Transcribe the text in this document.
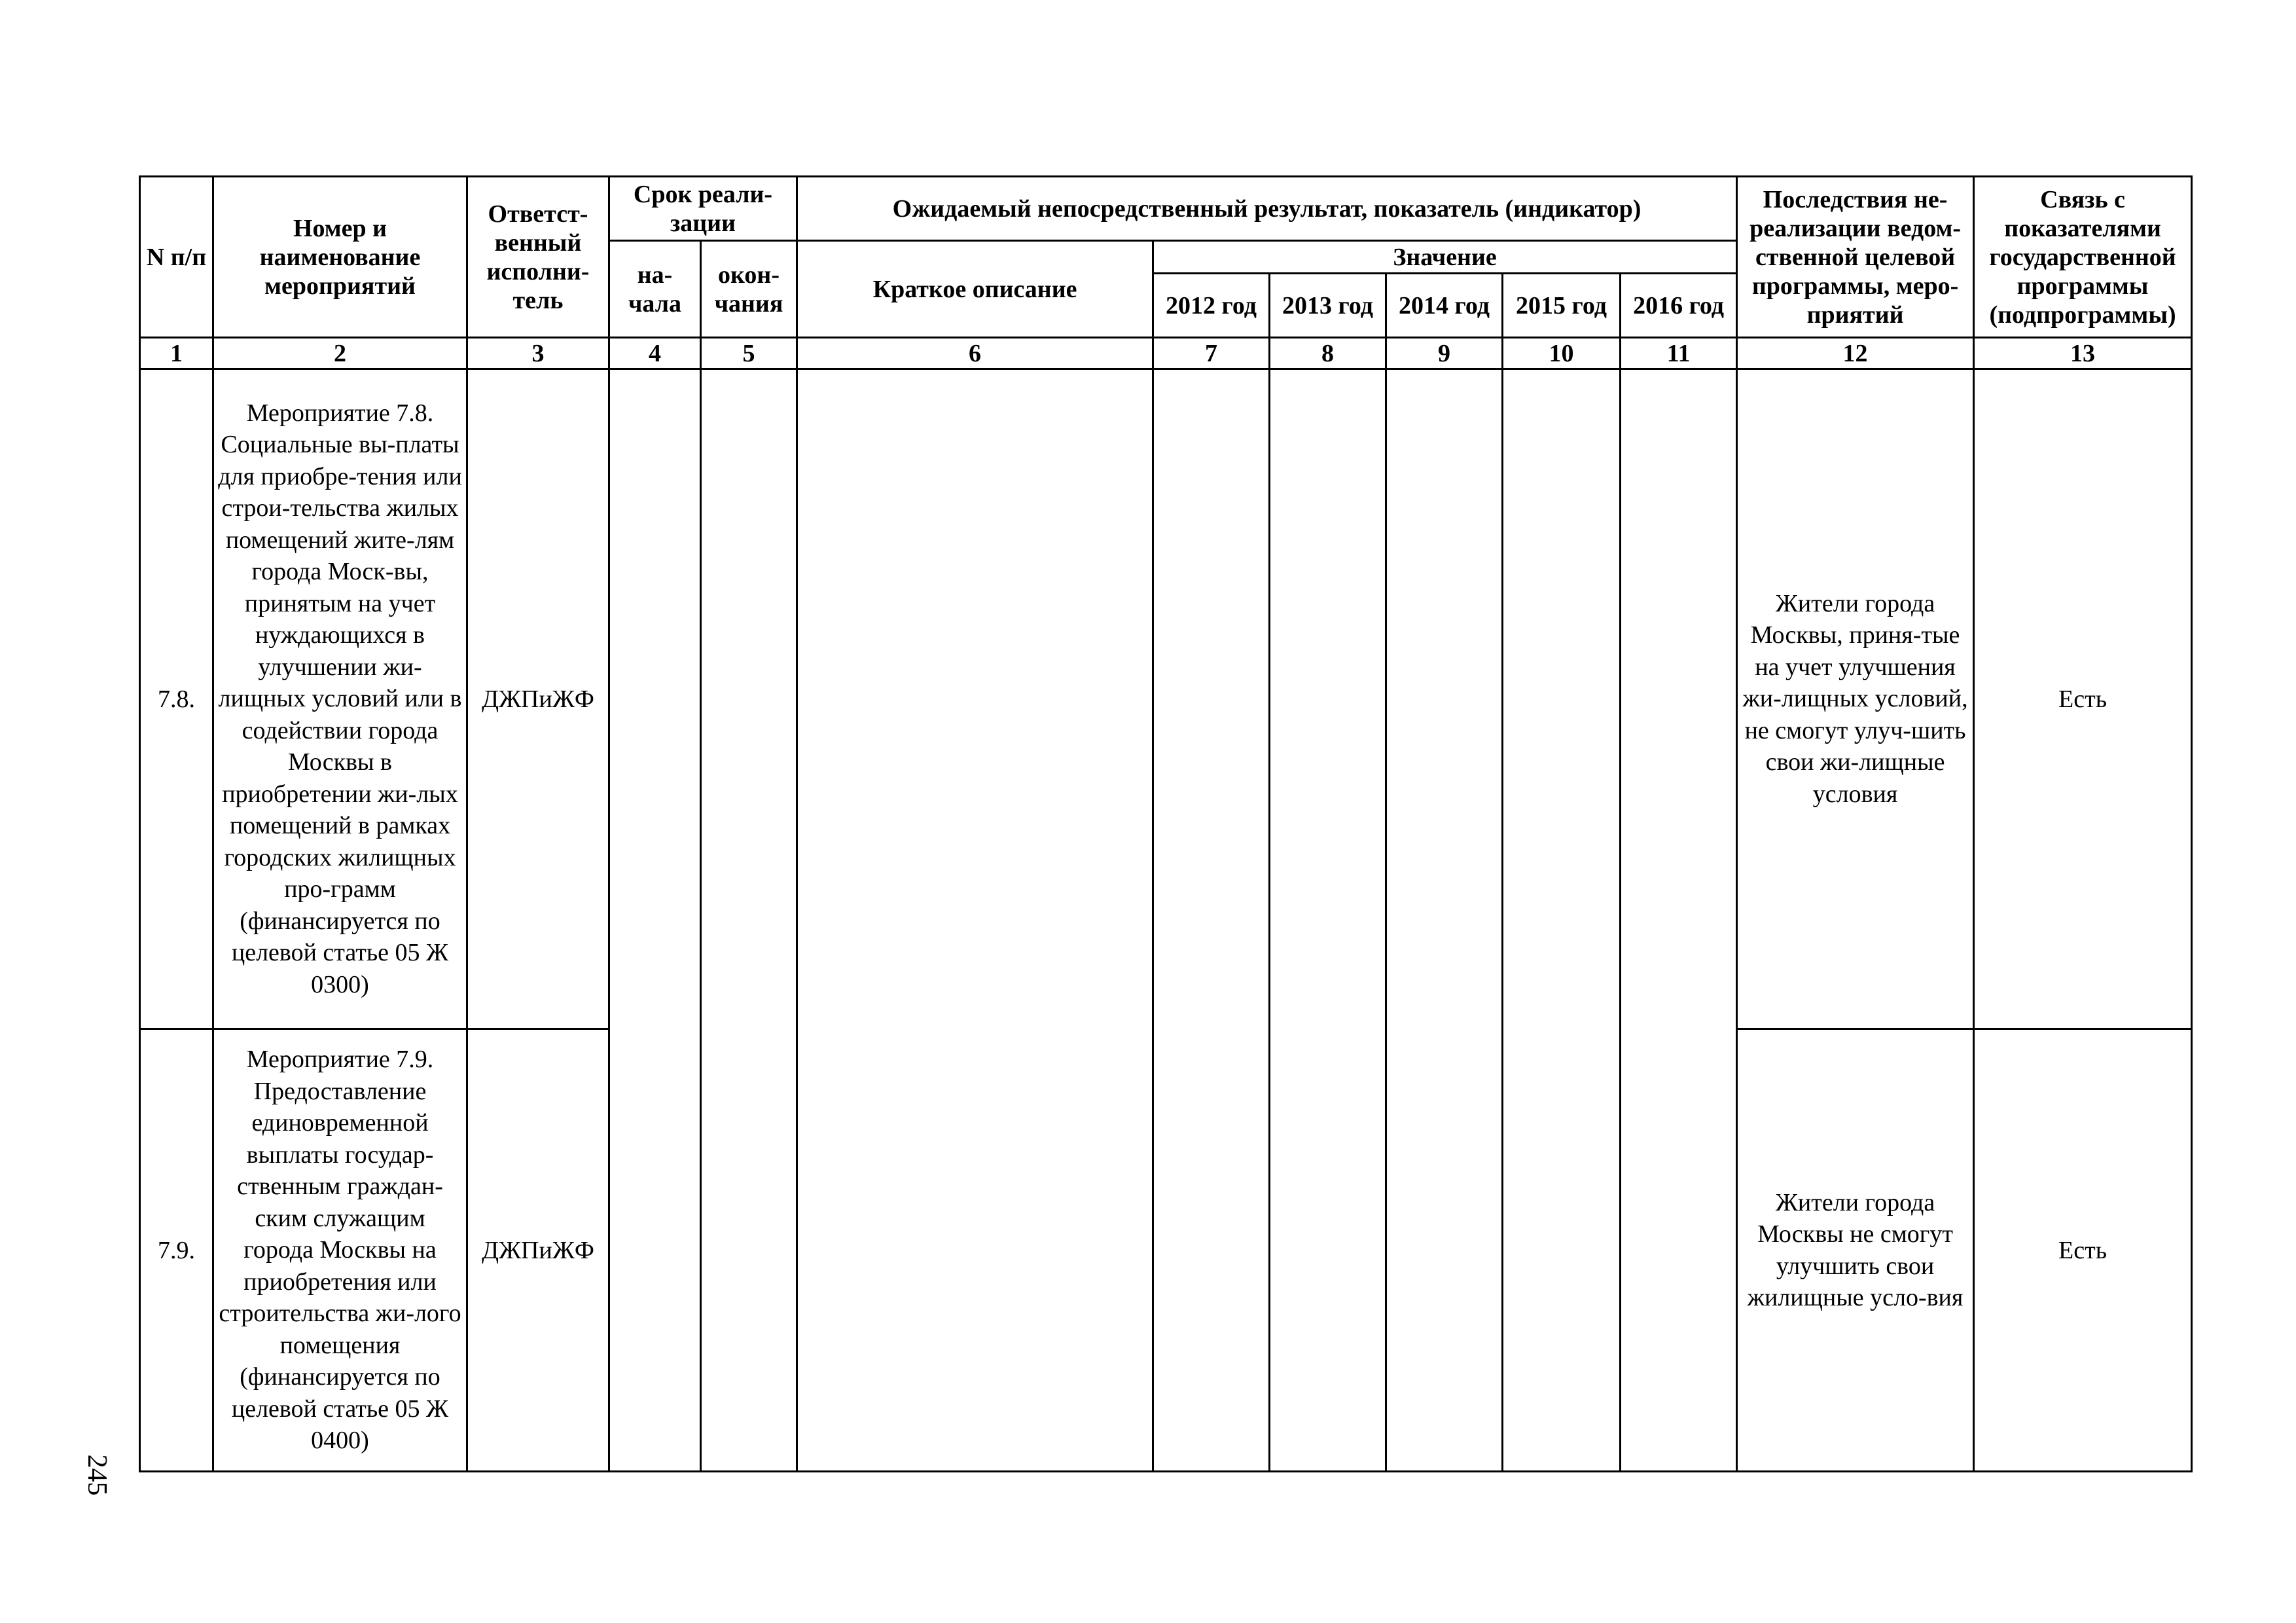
N п/п	Номер и наименование мероприятий	Ответст-венный исполни-тель	Срок реали-зации		Ожидаемый непосредственный результат, показатель (индикатор)						Последствия не-реализации ведом-ственной целевой программы, меро-приятий	Связь с показателями государственной программы (подпрограммы)
			на-чала	окон-чания	Краткое описание	Значение						
						2012 год	2013 год	2014 год	2015 год	2016 год		
1	2	3	4	5	6	7	8	9	10	11	12	13
7.8.	Мероприятие 7.8. Социальные вы-платы для приобре-тения или строи-тельства жилых помещений жите-лям города Моск-вы, принятым на учет нуждающихся в улучшении жи-лищных условий или в содействии города Москвы в приобретении жи-лых помещений в рамках городских жилищных про-грамм (финансируется по целевой статье 05 Ж 0300)	ДЖПиЖФ									Жители города Москвы, приня-тые на учет улучшения жи-лищных условий, не смогут улуч-шить свои жи-лищные условия	Есть
7.9.	Мероприятие 7.9. Предоставление единовременной выплаты государ-ственным граждан-ским служащим города Москвы на приобретения или строительства жи-лого помещения (финансируется по целевой статье 05 Ж 0400)	ДЖПиЖФ									Жители города Москвы не смогут улучшить свои жилищные усло-вия	Есть
245
